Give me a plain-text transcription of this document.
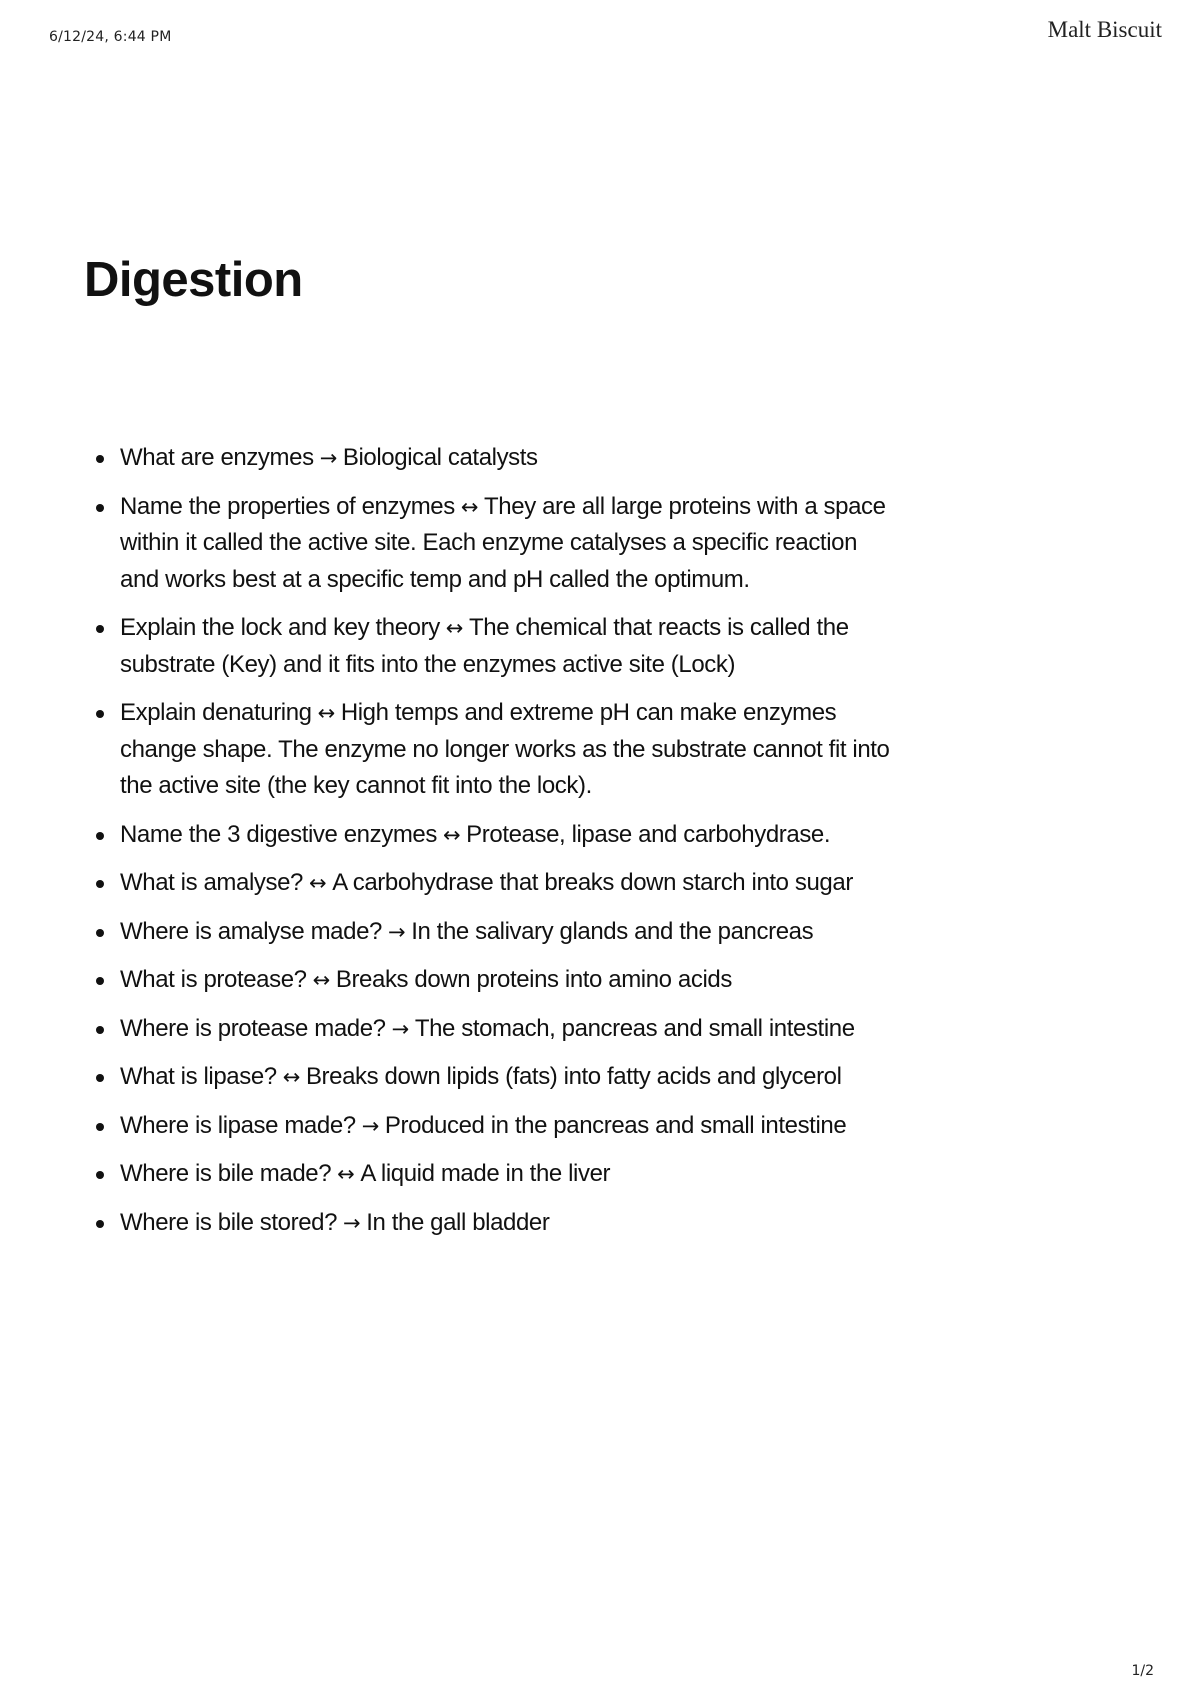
6/12/24, 6:44 PM	Malt Biscuit
Digestion
What are enzymes → Biological catalysts
Name the properties of enzymes ↔ They are all large proteins with a space within it called the active site. Each enzyme catalyses a specific reaction and works best at a specific temp and pH called the optimum.
Explain the lock and key theory ↔ The chemical that reacts is called the substrate (Key) and it fits into the enzymes active site (Lock)
Explain denaturing ↔ High temps and extreme pH can make enzymes change shape. The enzyme no longer works as the substrate cannot fit into the active site (the key cannot fit into the lock).
Name the 3 digestive enzymes ↔ Protease, lipase and carbohydrase.
What is amalyse? ↔ A carbohydrase that breaks down starch into sugar
Where is amalyse made? → In the salivary glands and the pancreas
What is protease? ↔ Breaks down proteins into amino acids
Where is protease made? → The stomach, pancreas and small intestine
What is lipase? ↔ Breaks down lipids (fats) into fatty acids and glycerol
Where is lipase made? → Produced in the pancreas and small intestine
Where is bile made? ↔ A liquid made in the liver
Where is bile stored? → In the gall bladder
1/2
